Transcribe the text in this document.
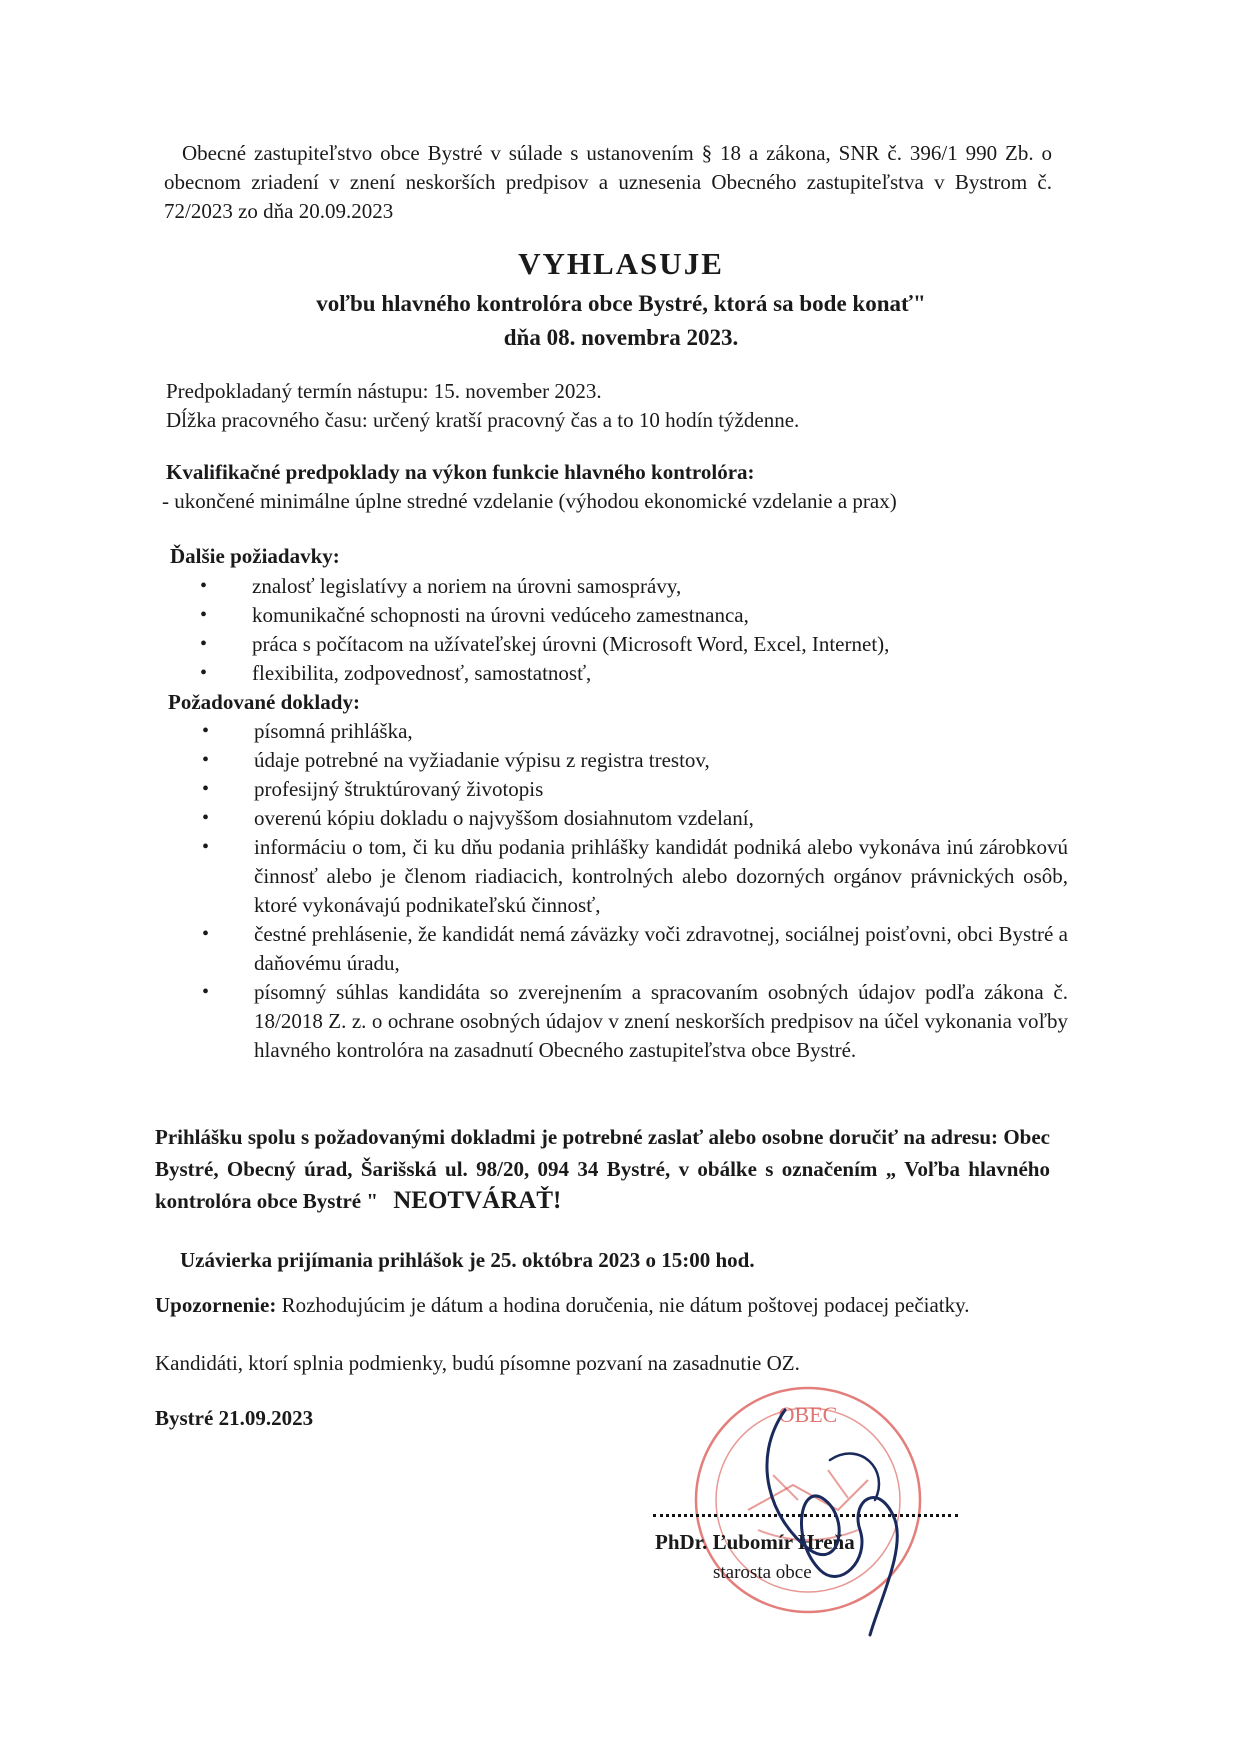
Obecné zastupiteľstvo obce Bystré v súlade s ustanovením § 18 a zákona, SNR č. 396/1 990 Zb. o obecnom zriadení v znení neskorších predpisov a uznesenia Obecného zastupiteľstva v Bystrom č. 72/2023 zo dňa 20.09.2023
VYHLASUJE
voľbu hlavného kontrolóra obce Bystré, ktorá sa bode konať"
dňa 08. novembra 2023.
Predpokladaný termín nástupu: 15. november 2023.
Dĺžka pracovného času: určený kratší pracovný čas a to 10 hodín týždenne.
Kvalifikačné predpoklady na výkon funkcie hlavného kontrolóra:
- ukončené minimálne úplne stredné vzdelanie (výhodou ekonomické vzdelanie a prax)
Ďalšie požiadavky:
• znalosť legislatívy a noriem na úrovni samosprávy,
• komunikačné schopnosti na úrovni vedúceho zamestnanca,
• práca s počítacom na užívateľskej úrovni (Microsoft Word, Excel, Internet),
• flexibilita, zodpovednosť, samostatnosť,
Požadované doklady:
• písomná prihláška,
• údaje potrebné na vyžiadanie výpisu z registra trestov,
• profesijný štruktúrovaný životopis
• overenú kópiu dokladu o najvyššom dosiahnutom vzdelaní,
• informáciu o tom, či ku dňu podania prihlášky kandidát podniká alebo vykonáva inú zárobkovú činnosť alebo je členom riadiacich, kontrolných alebo dozorných orgánov právnických osôb, ktoré vykonávajú podnikateľskú činnosť,
• čestné prehlásenie, že kandidát nemá záväzky voči zdravotnej, sociálnej poisťovni, obci Bystré a daňovému úradu,
• písomný súhlas kandidáta so zverejnením a spracovaním osobných údajov podľa zákona č. 18/2018 Z. z. o ochrane osobných údajov v znení neskorších predpisov na účel vykonania voľby hlavného kontrolóra na zasadnutí Obecného zastupiteľstva obce Bystré.
Prihlášku spolu s požadovanými dokladmi je potrebné zaslať alebo osobne doručiť na adresu: Obec Bystré, Obecný úrad, Šarišská ul. 98/20, 094 34 Bystré, v obálke s označením „ Voľba hlavného kontrolóra obce Bystré " NEOTVÁRAŤ!
Uzávierka prijímania prihlášok je 25. októbra 2023 o 15:00 hod.
Upozornenie: Rozhodujúcim je dátum a hodina doručenia, nie dátum poštovej podacej pečiatky.
Kandidáti, ktorí splnia podmienky, budú písomne pozvaní na zasadnutie OZ.
Bystré 21.09.2023	OBEC
PhDr. Ľubomír Hreňa
starosta obce
